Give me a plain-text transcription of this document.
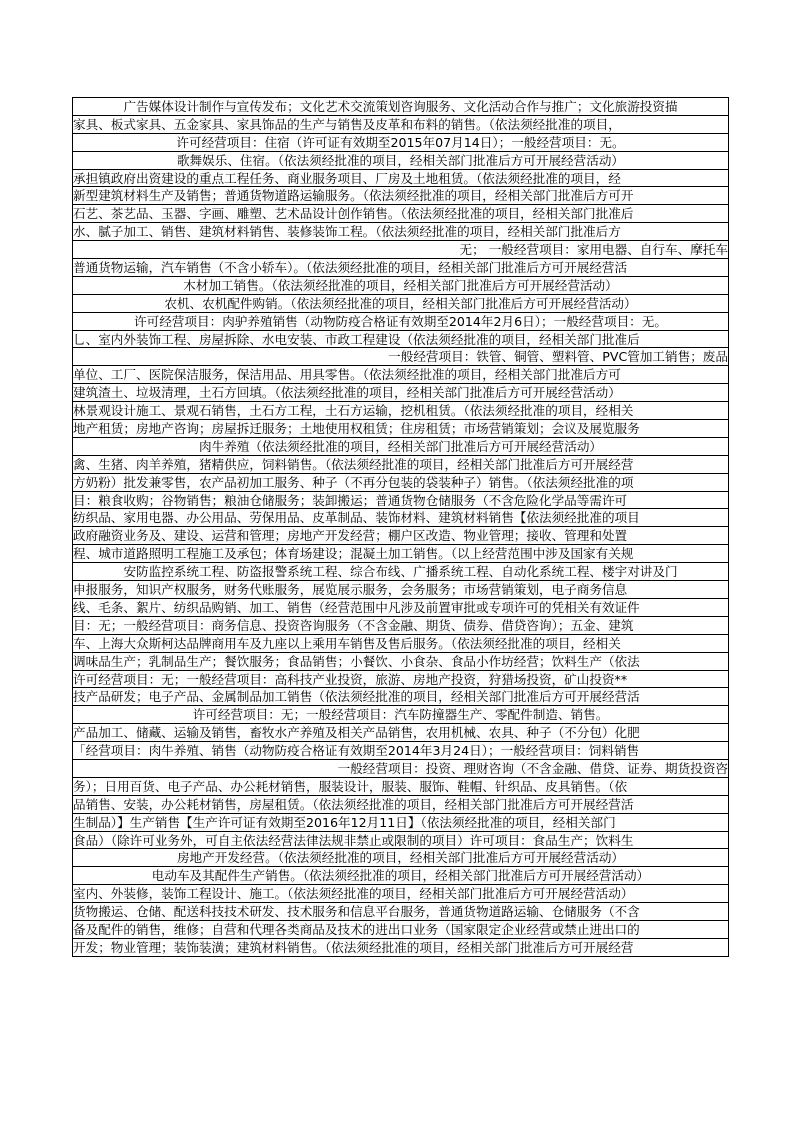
广告媒体设计制作与宣传发布；文化艺术交流策划咨询服务、文化活动合作与推广；文化旅游投资描
家具、板式家具、五金家具、家具饰品的生产与销售及皮革和布料的销售。（依法须经批准的项目，
许可经营项目：住宿（许可证有效期至2015年07月14日）；一般经营项目：无。
歌舞娱乐、住宿。（依法须经批准的项目，经相关部门批准后方可开展经营活动）
承担镇政府出资建设的重点工程任务、商业服务项目、厂房及土地租赁。（依法须经批准的项目，经
新型建筑材料生产及销售；普通货物道路运输服务。（依法须经批准的项目，经相关部门批准后方可开
石艺、茶艺品、玉器、字画、雕塑、艺术品设计创作销售。（依法须经批准的项目，经相关部门批准后
水、腻子加工、销售、建筑材料销售、装修装饰工程。（依法须经批准的项目，经相关部门批准后方
无； 一般经营项目：家用电器、自行车、摩托车
普通货物运输，汽车销售（不含小轿车）。（依法须经批准的项目，经相关部门批准后方可开展经营活
木材加工销售。（依法须经批准的项目，经相关部门批准后方可开展经营活动）
农机、农机配件购销。（依法须经批准的项目，经相关部门批准后方可开展经营活动）
许可经营项目：肉驴养殖销售（动物防疫合格证有效期至2014年2月6日）；一般经营项目：无。
乚、室内外装饰工程、房屋拆除、水电安装、市政工程建设（依法须经批准的项目，经相关部门批准后
一般经营项目：铁管、铜管、塑料管、PVC管加工销售；废品
单位、工厂、医院保洁服务，保洁用品、用具零售。（依法须经批准的项目，经相关部门批准后方可
建筑渣土、垃圾清理，土石方回填。（依法须经批准的项目，经相关部门批准后方可开展经营活动）
林景观设计施工、景观石销售，土石方工程，土石方运输，挖机租赁。（依法须经批准的项目，经相关
地产租赁；房地产咨询；房屋拆迁服务；土地使用权租赁；住房租赁；市场营销策划；会议及展览服务
肉牛养殖（依法须经批准的项目，经相关部门批准后方可开展经营活动）
禽、生猪、肉羊养殖，猪精供应，饲料销售。（依法须经批准的项目，经相关部门批准后方可开展经营
方奶粉）批发兼零售，农产品初加工服务、种子（不再分包装的袋装种子）销售。（依法须经批准的项
目：粮食收购；谷物销售；粮油仓储服务；装卸搬运；普通货物仓储服务（不含危险化学品等需许可
纺织品、家用电器、办公用品、劳保用品、皮革制品、装饰材料、建筑材料销售【依法须经批准的项目
政府融资业务及、建设、运营和管理；房地产开发经营；棚户区改造、物业管理；接收、管理和处置
程、城市道路照明工程施工及承包；体育场建设；混凝土加工销售。（以上经营范围中涉及国家有关规
安防监控系统工程、防盗报警系统工程、综合布线、广播系统工程、自动化系统工程、楼宇对讲及门
申报服务，知识产权服务，财务代账服务，展览展示服务，会务服务；市场营销策划，电子商务信息
线、毛条、絮片、纺织品购销、加工、销售（经营范围中凡涉及前置审批或专项许可的凭相关有效证件
目：无；一般经营项目：商务信息、投资咨询服务（不含金融、期货、债券、借贷咨询）；五金、建筑
车、上海大众斯柯达品牌商用车及九座以上乘用车销售及售后服务。（依法须经批准的项目，经相关
调味品生产；乳制品生产；餐饮服务；食品销售；小餐饮、小食杂、食品小作坊经营；饮料生产（依法
许可经营项目：无；一般经营项目：高科技产业投资，旅游、房地产投资，狩猎场投资，矿山投资**
技产品研发；电子产品、金属制品加工销售（依法须经批准的项目，经相关部门批准后方可开展经营活
许可经营项目：无；一般经营项目：汽车防撞器生产、零配件制造、销售。
产品加工、储藏、运输及销售，畜牧水产养殖及相关产品销售，农用机械、农具、种子（不分包）化肥
「经营项目：肉牛养殖、销售（动物防疫合格证有效期至2014年3月24日）；一般经营项目：饲料销售
一般经营项目：投资、理财咨询（不含金融、借贷、证券、期货投资咨
务）；日用百货、电子产品、办公耗材销售，服装设计，服装、服饰、鞋帽、针织品、皮具销售。（依
品销售、安装，办公耗材销售，房屋租赁。（依法须经批准的项目，经相关部门批准后方可开展经营活
生制品）】生产销售【生产许可证有效期至2016年12月11日】（依法须经批准的项目，经相关部门
食品）（除许可业务外，可自主依法经营法律法规非禁止或限制的项目）许可项目：食品生产；饮料生
房地产开发经营。（依法须经批准的项目，经相关部门批准后方可开展经营活动）
电动车及其配件生产销售。（依法须经批准的项目，经相关部门批准后方可开展经营活动）
室内、外装修，装饰工程设计、施工。（依法须经批准的项目，经相关部门批准后方可开展经营活动）
货物搬运、仓储、配送科技技术研发、技术服务和信息平台服务，普通货物道路运输、仓储服务（不含
备及配件的销售，维修；自营和代理各类商品及技术的进出口业务（国家限定企业经营或禁止进出口的
开发；物业管理；装饰装潢；建筑材料销售。（依法须经批准的项目，经相关部门批准后方可开展经营
